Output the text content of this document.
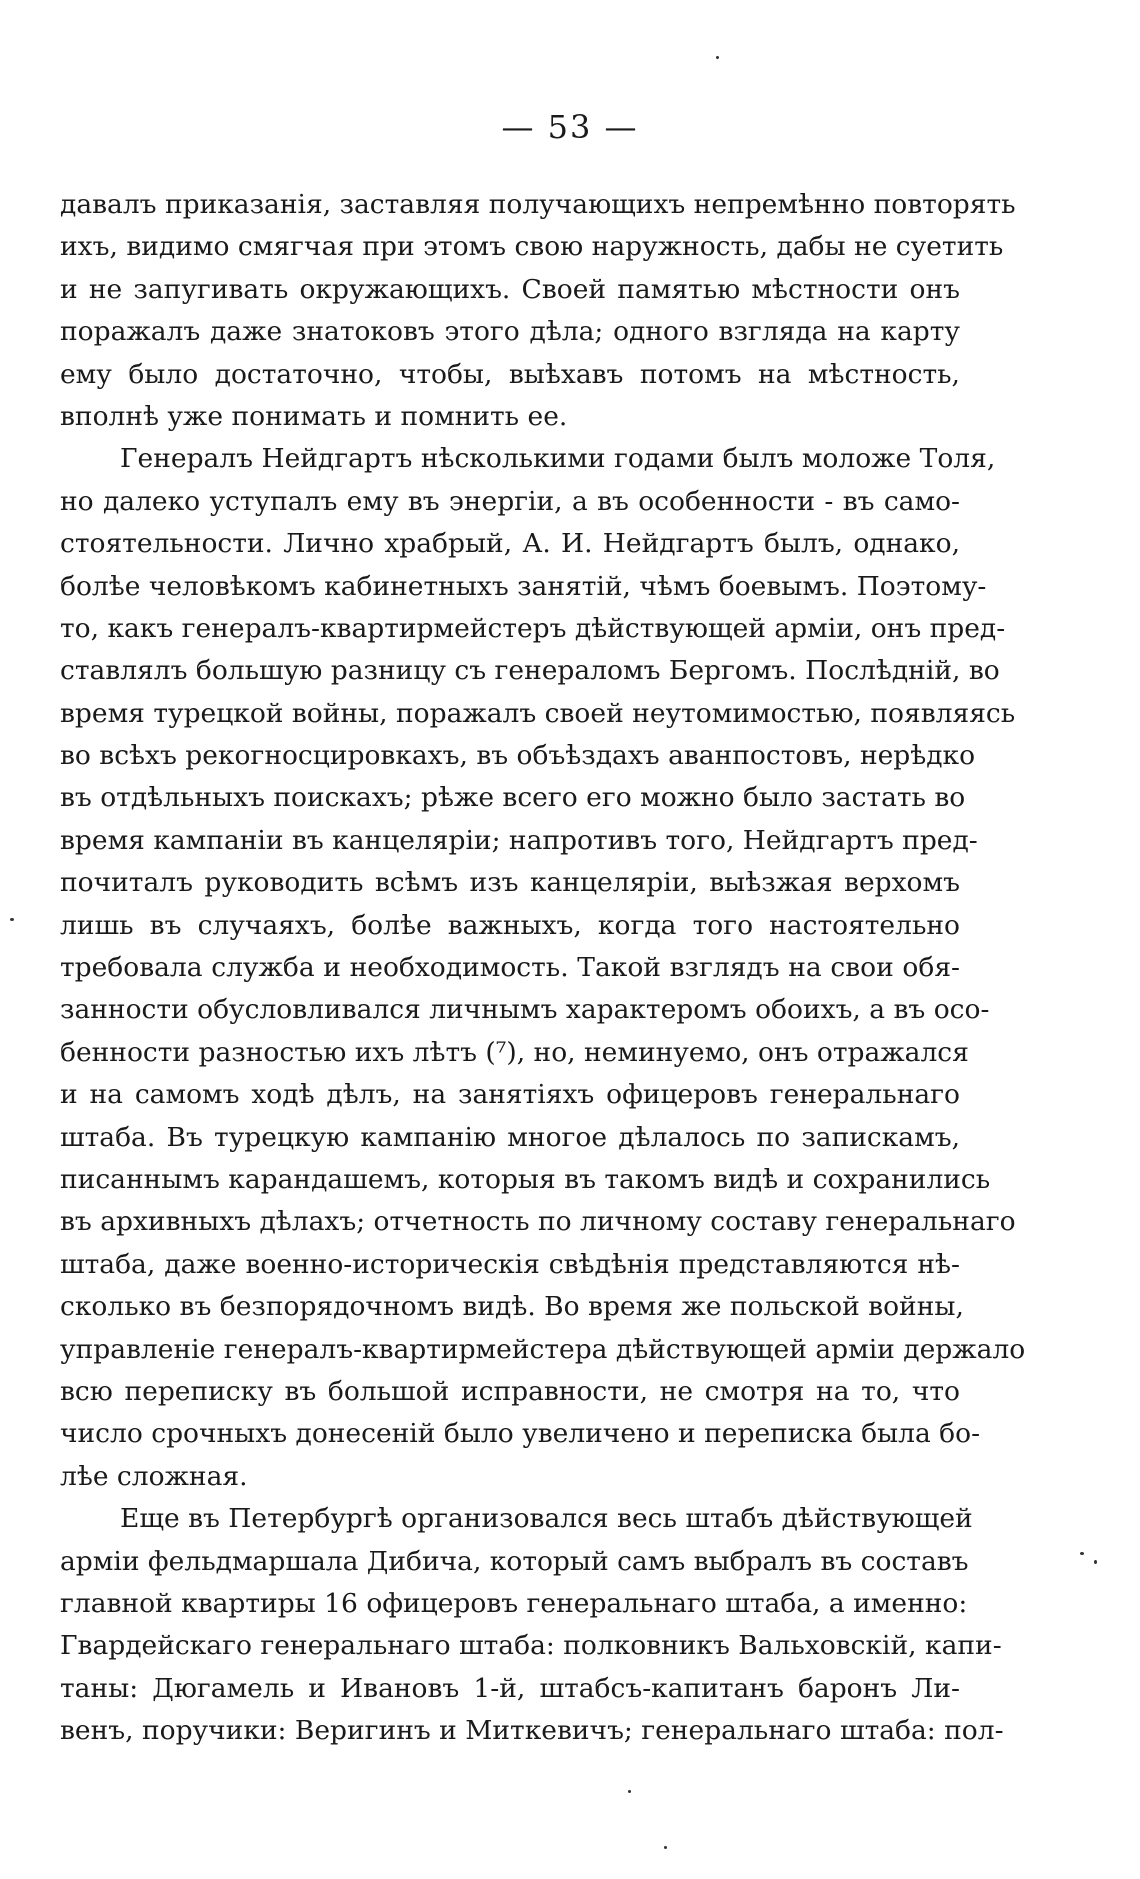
— 53 —
давалъ приказанія, заставляя получающихъ непремѣнно повторять
ихъ, видимо смягчая при этомъ свою наружность, дабы не суетить
и не запугивать окружающихъ. Своей памятью мѣстности онъ
поражалъ даже знатоковъ этого дѣла; одного взгляда на карту
ему было достаточно, чтобы, выѣхавъ потомъ на мѣстность,
вполнѣ уже понимать и помнить ее.
Генералъ Нейдгартъ нѣсколькими годами былъ моложе Толя,
но далеко уступалъ ему въ энергіи, а въ особенности - въ само-
стоятельности. Лично храбрый, А. И. Нейдгартъ былъ, однако,
болѣе человѣкомъ кабинетныхъ занятій, чѣмъ боевымъ. Поэтому-
то, какъ генералъ-квартирмейстеръ дѣйствующей арміи, онъ пред-
ставлялъ большую разницу съ генераломъ Бергомъ. Послѣдній, во
время турецкой войны, поражалъ своей неутомимостью, появляясь
во всѣхъ рекогносцировкахъ, въ объѣздахъ аванпостовъ, нерѣдко
въ отдѣльныхъ поискахъ; рѣже всего его можно было застать во
время кампаніи въ канцеляріи; напротивъ того, Нейдгартъ пред-
почиталъ руководить всѣмъ изъ канцеляріи, выѣзжая верхомъ
лишь въ случаяхъ, болѣе важныхъ, когда того настоятельно
требовала служба и необходимость. Такой взглядъ на свои обя-
занности обусловливался личнымъ характеромъ обоихъ, а въ осо-
бенности разностью ихъ лѣтъ (⁷), но, неминуемо, онъ отражался
и на самомъ ходѣ дѣлъ, на занятіяхъ офицеровъ генеральнаго
штаба. Въ турецкую кампанію многое дѣлалось по запискамъ,
писаннымъ карандашемъ, которыя въ такомъ видѣ и сохранились
въ архивныхъ дѣлахъ; отчетность по личному составу генеральнаго
штаба, даже военно-историческія свѣдѣнія представляются нѣ-
сколько въ безпорядочномъ видѣ. Во время же польской войны,
управленіе генералъ-квартирмейстера дѣйствующей арміи держало
всю переписку въ большой исправности, не смотря на то, что
число срочныхъ донесеній было увеличено и переписка была бо-
лѣе сложная.
Еще въ Петербургѣ организовался весь штабъ дѣйствующей
арміи фельдмаршала Дибича, который самъ выбралъ въ составъ
главной квартиры 16 офицеровъ генеральнаго штаба, а именно:
Гвардейскаго генеральнаго штаба: полковникъ Вальховскій, капи-
таны: Дюгамель и Ивановъ 1-й, штабсъ-капитанъ баронъ Ли-
венъ, поручики: Веригинъ и Миткевичъ; генеральнаго штаба: пол-
